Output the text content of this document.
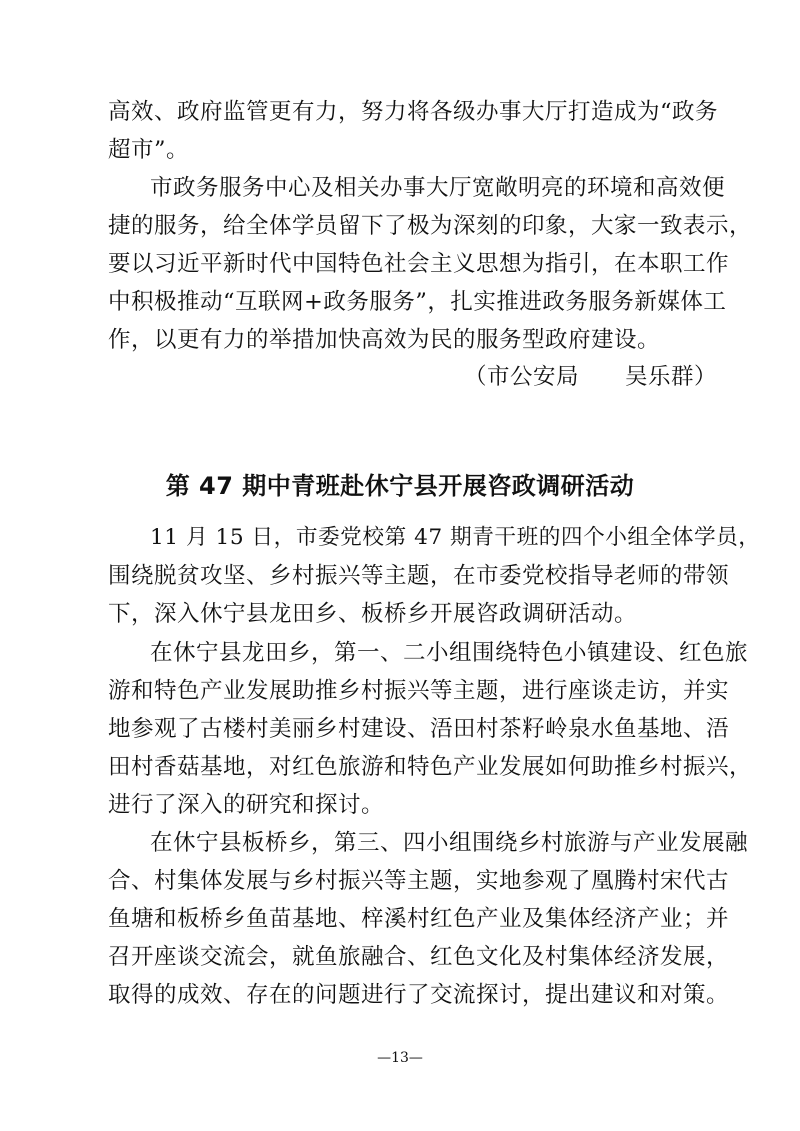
高效、政府监管更有力，努力将各级办事大厅打造成为“政务
超市”。
市政务服务中心及相关办事大厅宽敞明亮的环境和高效便
捷的服务，给全体学员留下了极为深刻的印象，大家一致表示，
要以习近平新时代中国特色社会主义思想为指引，在本职工作
中积极推动“互联网+政务服务”，扎实推进政务服务新媒体工
作，以更有力的举措加快高效为民的服务型政府建设。
（市公安局　　吴乐群）
第 47 期中青班赴休宁县开展咨政调研活动
11 月 15 日，市委党校第 47 期青干班的四个小组全体学员，
围绕脱贫攻坚、乡村振兴等主题，在市委党校指导老师的带领
下，深入休宁县龙田乡、板桥乡开展咨政调研活动。
在休宁县龙田乡，第一、二小组围绕特色小镇建设、红色旅
游和特色产业发展助推乡村振兴等主题，进行座谈走访，并实
地参观了古楼村美丽乡村建设、浯田村茶籽岭泉水鱼基地、浯
田村香菇基地，对红色旅游和特色产业发展如何助推乡村振兴，
进行了深入的研究和探讨。
在休宁县板桥乡，第三、四小组围绕乡村旅游与产业发展融
合、村集体发展与乡村振兴等主题，实地参观了凰腾村宋代古
鱼塘和板桥乡鱼苗基地、梓溪村红色产业及集体经济产业；并
召开座谈交流会，就鱼旅融合、红色文化及村集体经济发展，
取得的成效、存在的问题进行了交流探讨，提出建议和对策。
—13—
